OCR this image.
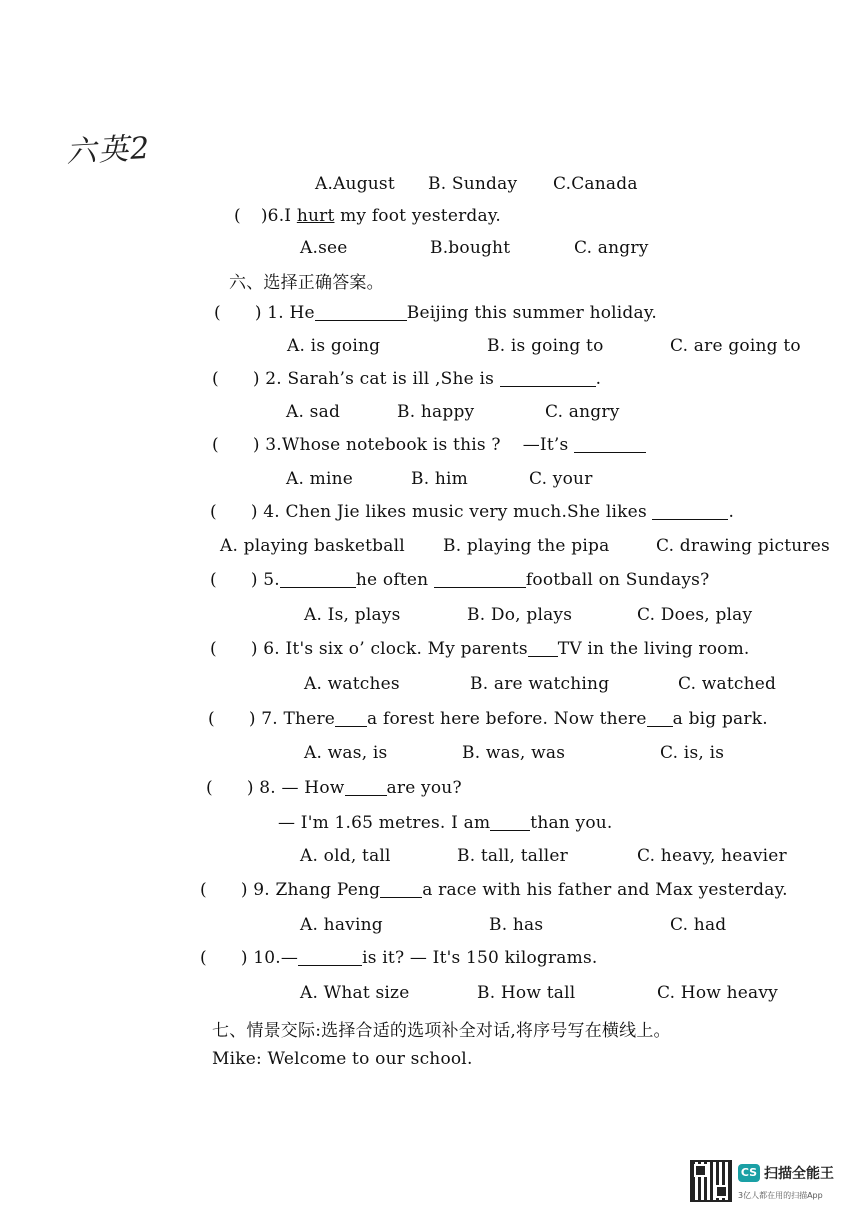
六英2
A.August B. Sunday C.Canada
( )6.I hurt my foot yesterday.
A.see	B.bought	C. angry
六、选择正确答案。
( ) 1. He	Beijing this summer holiday.
A. is going	B. is going to	C. are going to
( ) 2. Sarah’s cat is ill ,She is	.
A. sad	B. happy	C. angry
( ) 3.Whose notebook is this ? —It’s
A. mine	B. him	C. your
( ) 4. Chen Jie likes music very much.She likes	.
A. playing basketball B. playing the pipa	C. drawing pictures
( ) 5.	he often	football on Sundays?
A. Is, plays	B. Do, plays	C. Does, play
( ) 6. It's six o’ clock. My parents TV in the living room.
A. watches	B. are watching	C. watched
( ) 7. There a forest here before. Now there a big park.
A. was, is	B. was, was	C. is, is
( ) 8. — How are you?
— I'm 1.65 metres. I am than you.
A. old, tall	B. tall, taller	C. heavy, heavier
( ) 9. Zhang Peng a race with his father and Max yesterday.
A. having	B. has	C. had
( ) 10.—	is it? — It's 150 kilograms.
A. What size	B. How tall	C. How heavy
七、情景交际:选择合适的选项补全对话,将序号写在横线上。
Mike: Welcome to our school.
CS 扫描全能王
3亿人都在用的扫描App
